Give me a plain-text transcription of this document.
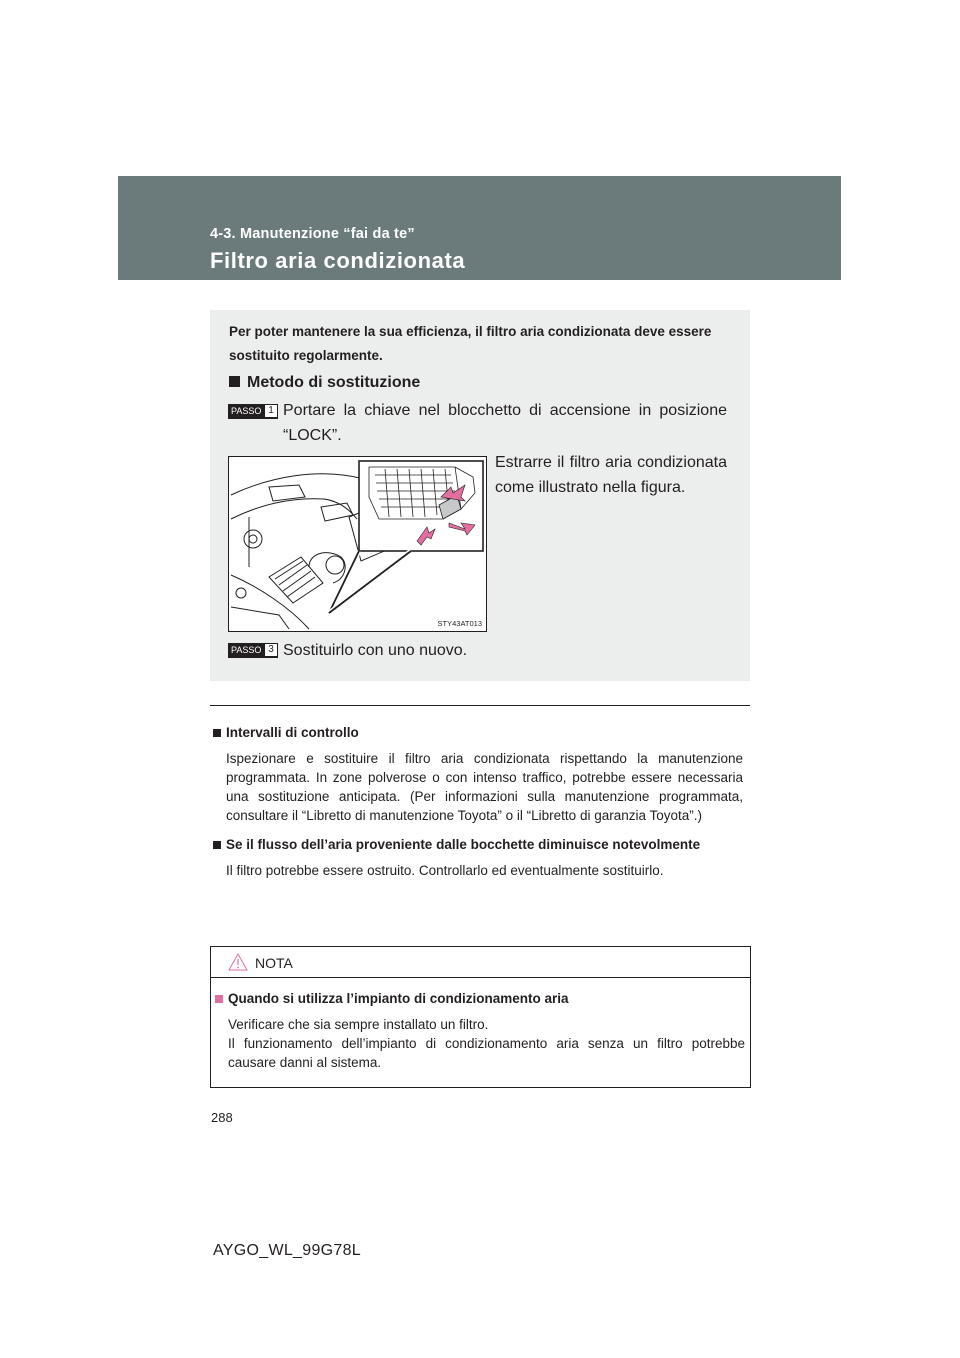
4-3. Manutenzione “fai da te”
Filtro aria condizionata

Per poter mantenere la sua efficienza, il filtro aria condizionata deve essere sostituito regolarmente.

Metodo di sostituzione
PASSO 1 Portare la chiave nel blocchetto di accensione in posizione “LOCK”.

STY43AT013

Estrarre il filtro aria condizionata come illustrato nella figura.

PASSO 3 Sostituirlo con uno nuovo.

Intervalli di controllo

Ispezionare e sostituire il filtro aria condizionata rispettando la manutenzione programmata. In zone polverose o con intenso traffico, potrebbe essere necessaria una sostituzione anticipata. (Per informazioni sulla manutenzione programmata, consultare il “Libretto di manutenzione Toyota” o il “Libretto di garanzia Toyota”.)

Se il flusso dell’aria proveniente dalle bocchette diminuisce notevolmente

Il filtro potrebbe essere ostruito. Controllarlo ed eventualmente sostituirlo.

NOTA

Quando si utilizza l’impianto di condizionamento aria

Verificare che sia sempre installato un filtro.
Il funzionamento dell’impianto di condizionamento aria senza un filtro potrebbe causare danni al sistema.

288
AYGO_WL_99G78L
